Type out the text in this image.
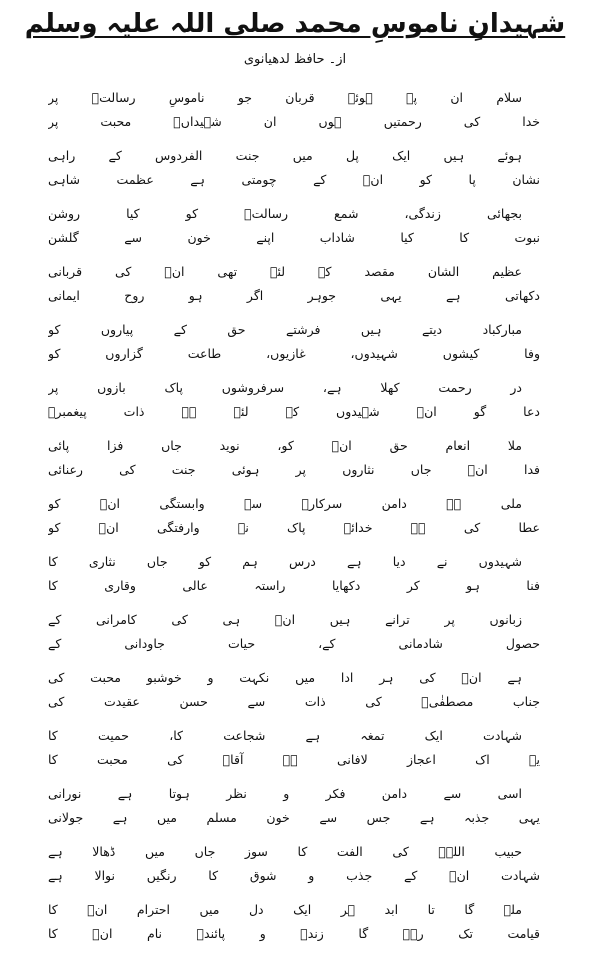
شہیدانِ ناموسِ محمد صلی اللہ علیہ وسلم
از۔ حافظ لدھیانوی
سلام ان پہ ہوئے قربان جو ناموسِ رسالتؐ پر
خدا کی رحمتیں ہوں ان شہیداںؒ محبت پر
ہوئے ہیں ایک پل میں جنت الفردوس کے راہی
نشان پا کو انؒ کے چومتی ہے عظمت شاہی
بجھائی زندگی، شمع رسالتؐ کو کیا روشن
نبوت کا کیا شاداب اپنے خون سے گلشن
عظیم الشان مقصد کے لئے تھی انؒ کی قربانی
دکھاتی ہے یہی جوہر اگر ہو روح ایمانی
مبارکباد دیتے ہیں فرشتے حق کے پیاروں کو
وفا کیشوں شہیدوں، غازیوں، طاعت گزاروں کو
در رحمت کھلا ہے، سرفروشوں پاک بازوں پر
دعا گو انؒ شہیدوں کے لئے ہے ذات پیغمبرؐ
ملا انعام حق انؒ کو، نوید جاں فزا پائی
فدا انؒ جاں نثاروں پر ہوئی جنت کی رعنائی
ملی ہے دامن سرکارؐ سے وابستگی انؒ کو
عطا کی ہے خدائے پاک نے وارفتگی انؒ کو
شہیدوں نے دیا ہے درس ہم کو جاں نثاری کا
فنا ہو کر دکھایا راستہ عالی وقاری کا
زبانوں پر ترانے ہیں انؒ ہی کی کامرانی کے
حصول شادمانی کے، حیات جاودانی کے
ہے انؒ کی ہر ادا میں نکہت و خوشبو محبت کی
جناب مصطفٰیؐ کی ذات سے حسن عقیدت کی
شہادت ایک تمغہ ہے شجاعت کا، حمیت کا
یہ اک اعجاز لافانی ہے آقاؐ کی محبت کا
اسی سے دامن فکر و نظر ہوتا ہے نورانی
یہی جذبہ ہے جس سے خون مسلم میں ہے جولانی
حبیب اللہؐ کی الفت کا سوز جاں میں ڈھالا ہے
شہادت انؒ کے جذب و شوق کا رنگیں نوالا ہے
ملے گا تا ابد ہر ایک دل میں احترام انؒ کا
قیامت تک رہے گا زندہ و پائندہ نام انؒ کا
